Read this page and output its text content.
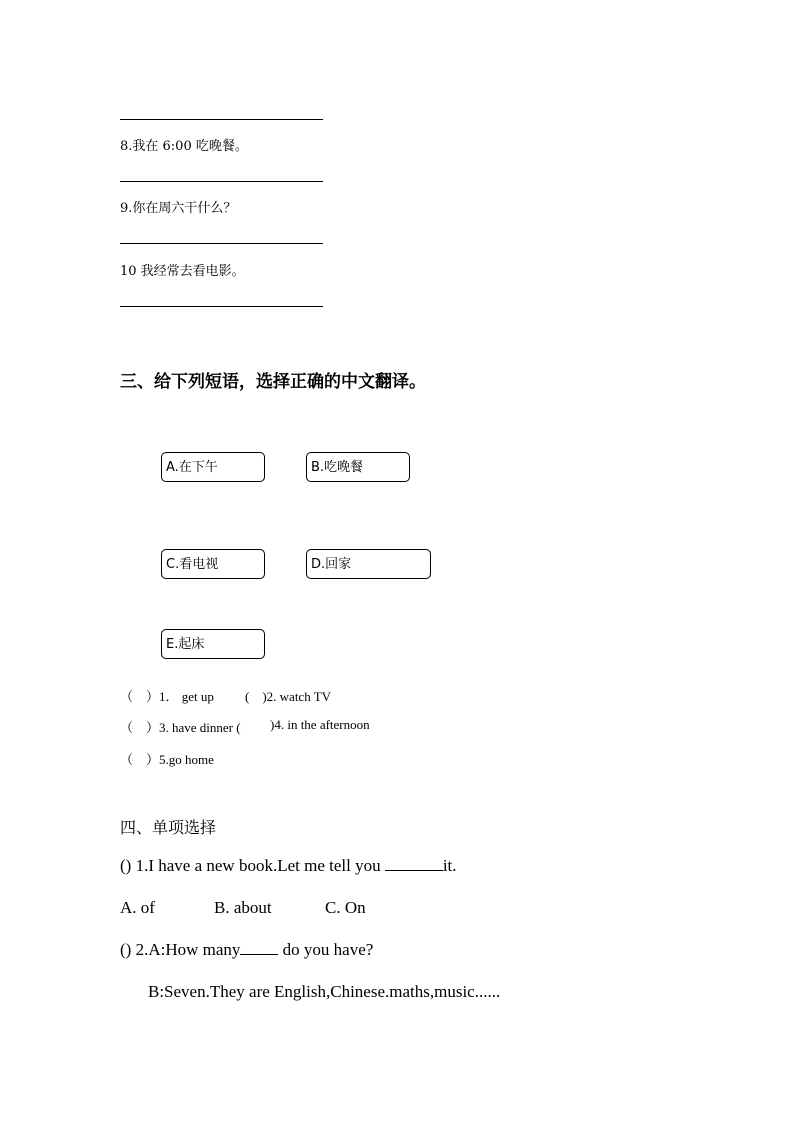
8.我在 6:00 吃晚餐。
9.你在周六干什么？
10 我经常去看电影。
三、给下列短语，选择正确的中文翻译。
A.在下午	B.吃晚餐
C.看电视	D.回家
E.起床
（　）1． get up (　)2. watch TV
（　）3. have dinner ( )4. in the afternoon
（　）5.go home
四、单项选择
() 1.I have a new book.Let me tell you	it.
A. of	B. about	C. On
() 2.A:How many do you have?
B:Seven.They are English,Chinese.maths,music......
